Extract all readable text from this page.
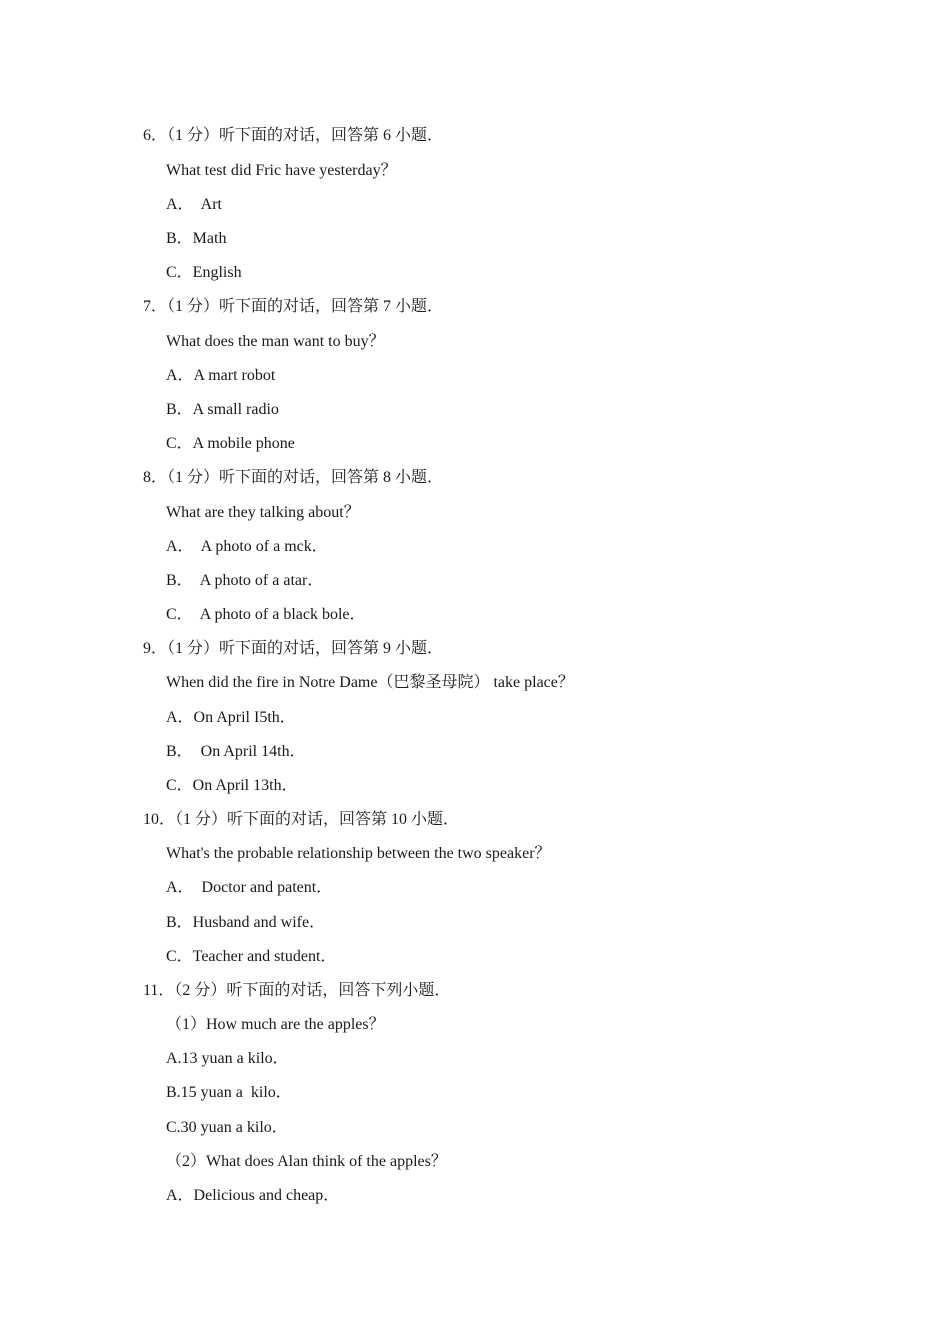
6．（1 分）听下面的对话，回答第 6 小题．
What test did Fric have yesterday？
A．  Art
B．Math
C．English
7．（1 分）听下面的对话，回答第 7 小题．
What does the man want to buy？
A．A mart robot
B．A small radio
C．A mobile phone
8．（1 分）听下面的对话，回答第 8 小题．
What are they talking about？
A．  A photo of a mck．
B．  A photo of a atar．
C．  A photo of a black bole．
9．（1 分）听下面的对话，回答第 9 小题．
When did the fire in Notre Dame（巴黎圣母院） take place？
A．On April I5th．
B．  On April 14th．
C．On April 13th．
10．（1 分）听下面的对话，回答第 10 小题．
What's the probable relationship between the two speaker？
A．  Doctor and patent．
B．Husband and wife．
C．Teacher and student．
11．（2 分）听下面的对话，回答下列小题．
（1）How much are the apples？
A.13 yuan a kilo．
B.15 yuan a  kilo．
C.30 yuan a kilo．
（2）What does Alan think of the apples？
A．Delicious and cheap．
